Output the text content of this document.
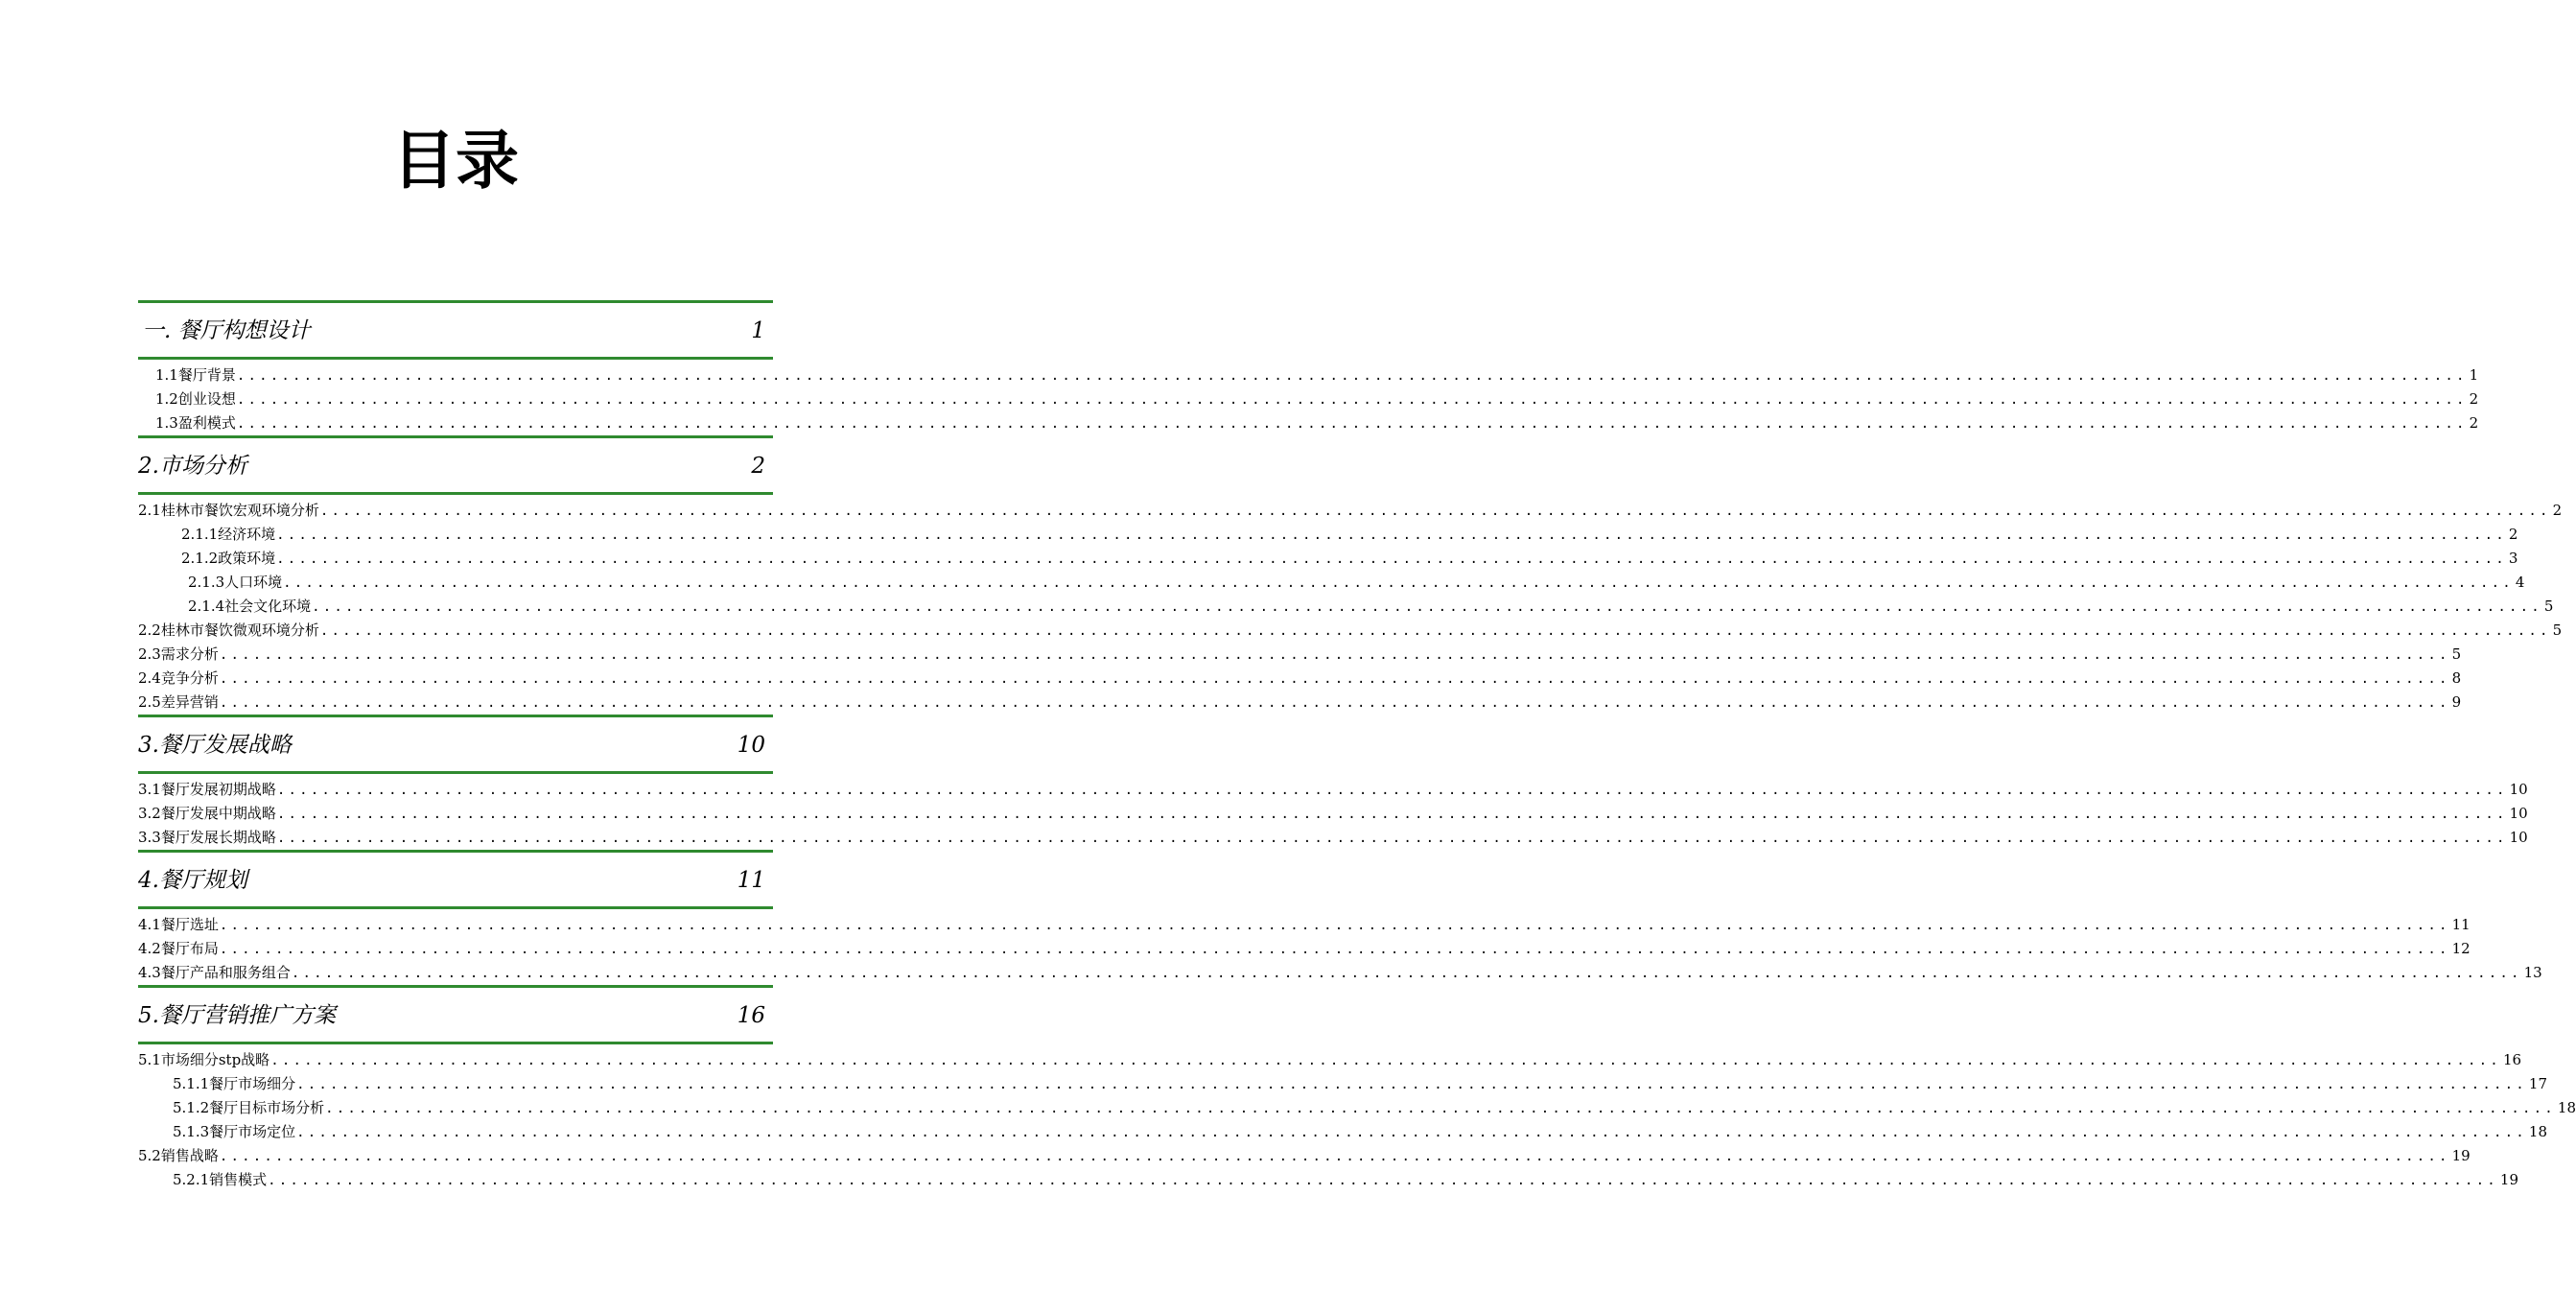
目录
一. 餐厅构想设计	1
1.1餐厅背景 ........................................................................................................................................................................................................ 1
1.2创业设想 ........................................................................................................................................................................................................ 2
1.3盈利模式 ........................................................................................................................................................................................................ 2
2.市场分析	2
2.1桂林市餐饮宏观环境分析 ........................................................................................................................................................................................................ 2
2.1.1经济环境 ........................................................................................................................................................................................................ 2
2.1.2政策环境 ........................................................................................................................................................................................................ 3
2.1.3人口环境 ........................................................................................................................................................................................................ 4
2.1.4社会文化环境 ........................................................................................................................................................................................................ 5
2.2桂林市餐饮微观环境分析 ........................................................................................................................................................................................................ 5
2.3需求分析 ........................................................................................................................................................................................................ 5
2.4竞争分析 ........................................................................................................................................................................................................ 8
2.5差异营销 ........................................................................................................................................................................................................ 9
3.餐厅发展战略	10
3.1餐厅发展初期战略 ........................................................................................................................................................................................................ 10
3.2餐厅发展中期战略 ........................................................................................................................................................................................................ 10
3.3餐厅发展长期战略 ........................................................................................................................................................................................................ 10
4.餐厅规划	11
4.1餐厅选址 ........................................................................................................................................................................................................ 11
4.2餐厅布局 ........................................................................................................................................................................................................ 12
4.3餐厅产品和服务组合 ........................................................................................................................................................................................................ 13
5.餐厅营销推广方案	16
5.1市场细分stp战略 ........................................................................................................................................................................................................ 16
5.1.1餐厅市场细分 ........................................................................................................................................................................................................ 17
5.1.2餐厅目标市场分析 ........................................................................................................................................................................................................ 18
5.1.3餐厅市场定位 ........................................................................................................................................................................................................ 18
5.2销售战略 ........................................................................................................................................................................................................ 19
5.2.1销售模式 ........................................................................................................................................................................................................ 19
